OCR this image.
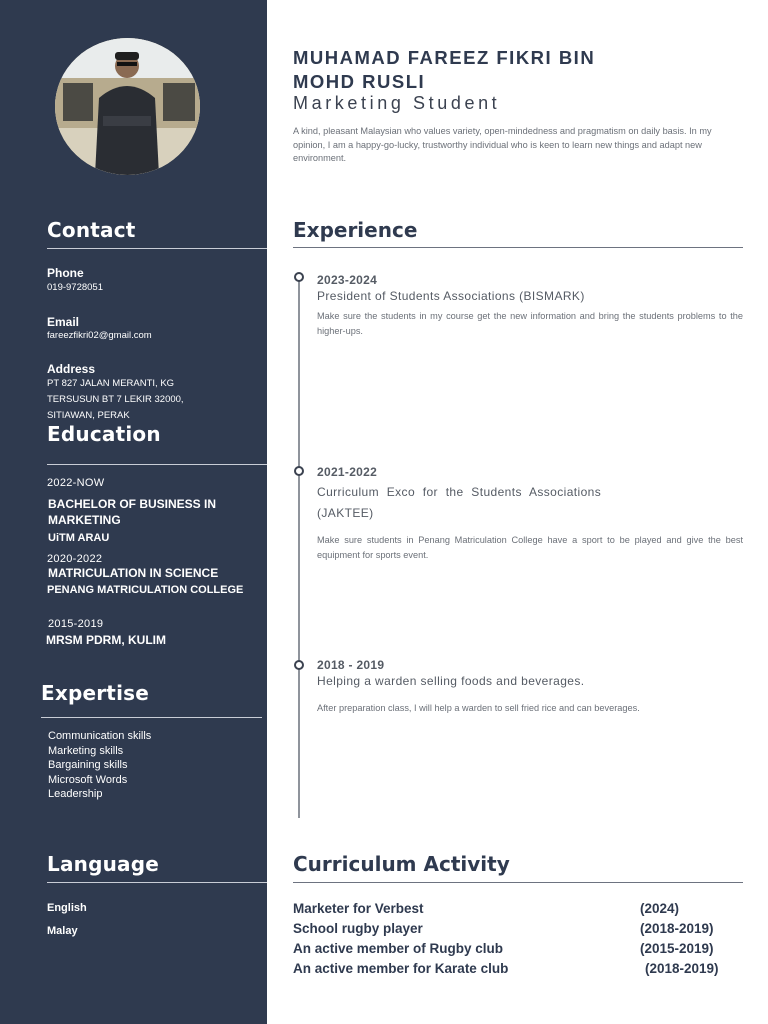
Contact
Phone
019-9728051
Email
fareezfikri02@gmail.com
Address
PT 827 JALAN MERANTI, KG
TERSUSUN BT 7 LEKIR 32000,
SITIAWAN, PERAK
Education
2022-NOW
BACHELOR OF BUSINESS IN
MARKETING
UiTM ARAU
2020-2022
MATRICULATION IN SCIENCE
PENANG MATRICULATION COLLEGE
2015-2019
MRSM PDRM, KULIM
Expertise
Communication skills
Marketing skills
Bargaining skills
Microsoft Words
Leadership
Language
English
Malay
MUHAMAD FAREEZ FIKRI BIN
MOHD RUSLI
Marketing Student
A kind, pleasant Malaysian who values variety, open-mindedness and pragmatism on daily basis. In my opinion, I am a happy-go-lucky, trustworthy individual who is keen to learn new things and adapt new environment.
Experience
2023-2024
President of Students Associations (BISMARK)
Make sure the students in my course get the new information and bring the students problems to the higher-ups.
2021-2022
Curriculum Exco for the Students Associations
(JAKTEE)
Make sure students in Penang Matriculation College have a sport to be played and give the best equipment for sports event.
2018 - 2019
Helping a warden selling foods and beverages.
After preparation class, I will help a warden to sell fried rice and can beverages.
Curriculum Activity
Marketer for Verbest	(2024)
School rugby player	(2018-2019)
An active member of Rugby club	(2015-2019)
An active member for Karate club	(2018-2019)
